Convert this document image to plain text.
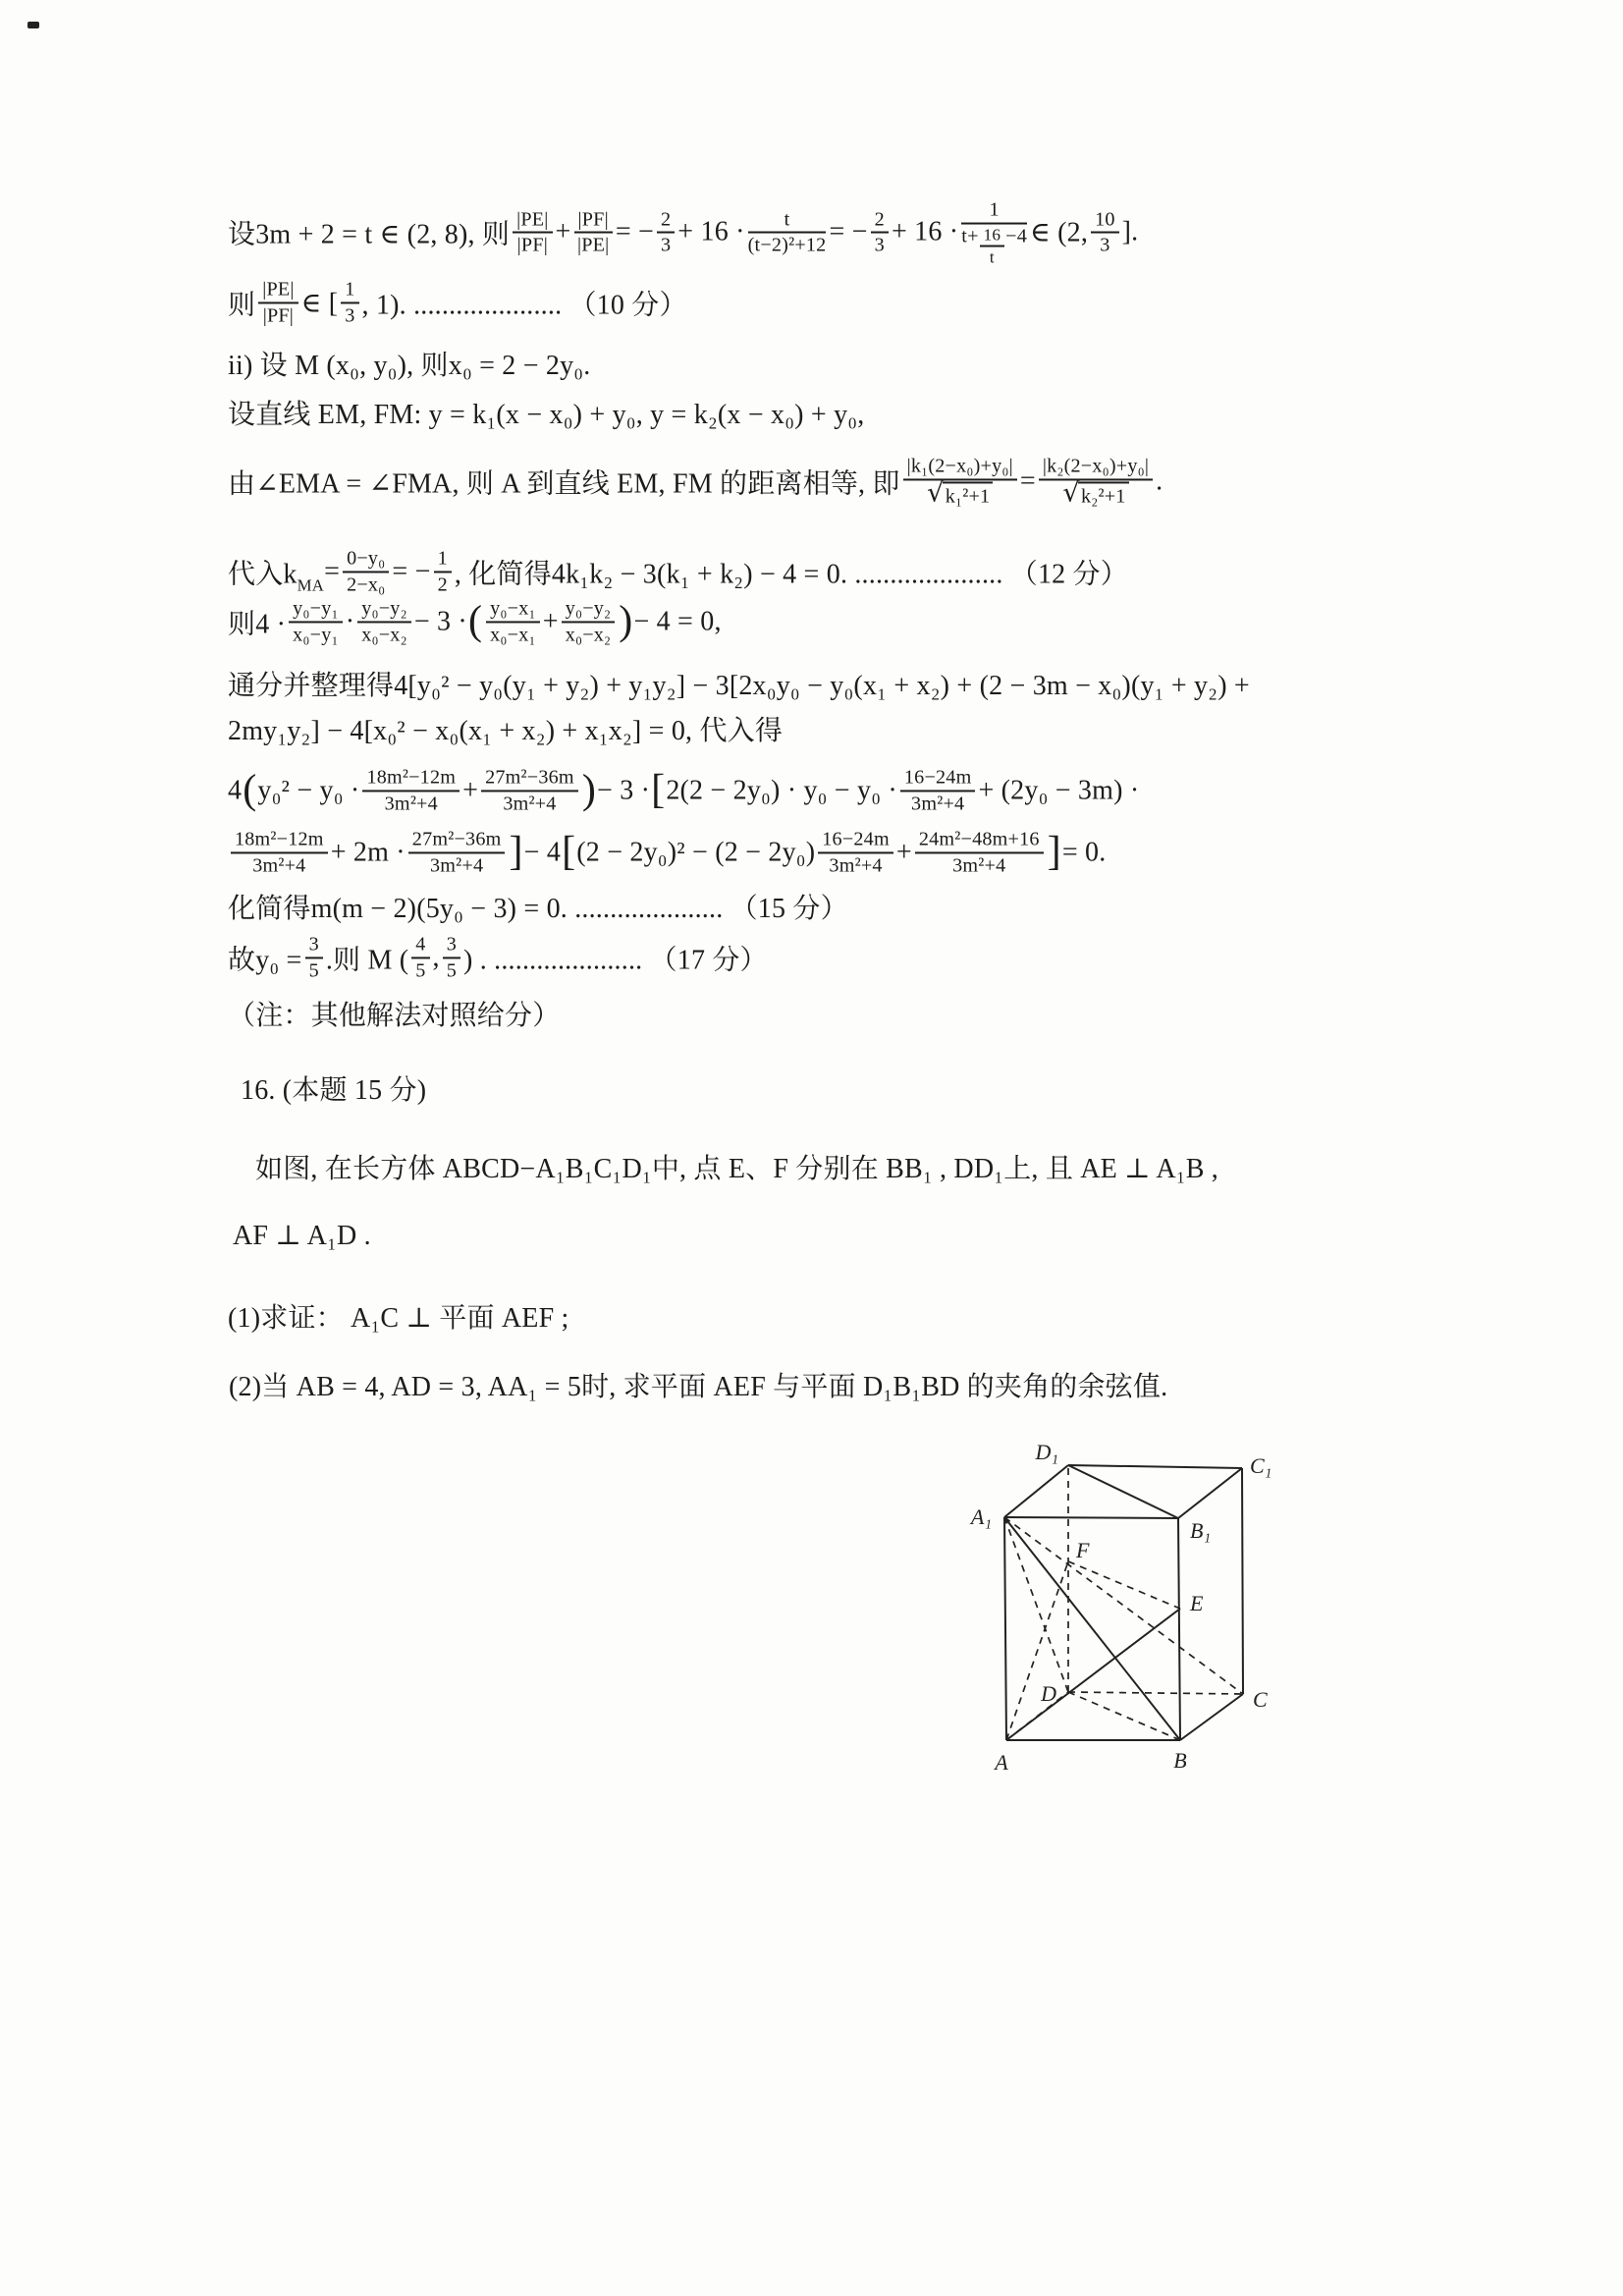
设3m + 2 = t ∈ (2, 8), 则 $\frac{|PE|}{|PF|} + \frac{|PF|}{|PE|}$ = − $\frac{2}{3} + 16 \cdot \frac{t}{\text{(t−2)²+12}}$ = − $\frac{2}{3} + 16 \cdot \frac{1}{t+ \frac{16}{t} -4}$ ∈ (2, $\frac{10}{3}$ ].
则 $\frac{|PE|}{|PF|}$ ∈ [ $\frac{1}{3}$ , 1). ..................... （10 分）
ii) 设 M (x₀, y₀), 则x₀ = 2 − 2y₀.
设直线 EM, FM: y = k₁(x − x₀) + y₀, y = k₂(x − x₀) + y₀,
由∠EMA = ∠FMA, 则 A 到直线 EM, FM 的距离相等, 即 $\frac{\text{|k₁(2−x₀)+y₀|}}{\text{√ k₁²+1}} = \frac{\text{|k₂(2−x₀)+y₀|}}{\text{√ k₂²+1}}$ .
代入k MA = $\frac{\text{0−y₀}}{\text{2−x₀}}$ = − $\frac{1}{2}$ , 化简得4k₁k₂ − 3(k₁ + k₂) − 4 = 0. ..................... （12 分）
则$4 \cdot \frac{\text{y₀−y₁}}{\text{x₀−y₁}} \cdot \frac{\text{y₀−y₂}}{\text{x₀−x₂}} - 3$ · ( $\frac{\text{y₀−x₁}}{\text{x₀−x₁}} + \frac{\text{y₀−y₂}}{\text{x₀−x₂}}$ ) − 4 = 0,
通分并整理得4[y₀² − y₀(y₁ + y₂) + y₁y₂] − 3[2x₀y₀ − y₀(x₁ + x₂) + (2 − 3m − x₀)(y₁ + y₂) +
2my₁y₂] − 4[x₀² − x₀(x₁ + x₂) + x₁x₂] = 0, 代入得
4 ( $y_0^2 - y_0 \cdot \frac{\text{18m²−12m}}{\text{3m²+4}} + \frac{\text{27m²−36m}}{\text{3m²+4}}$ ) − 3 · [ $2(2 - 2y_0) \cdot y_0 - y_0 \cdot \frac{16-24m}{\text{3m²+4}} + (2y_0 - 3m)$ ·
$\frac{\text{18m²−12m}}{\text{3m²+4}} + 2m \cdot \frac{\text{27m²−36m}}{\text{3m²+4}}$ ] − 4 [ $(2 - 2y_0)^2 - (2 - 2y_0) \frac{16-24m}{\text{3m²+4}} + \frac{\text{24m²−48m+16}}{\text{3m²+4}}$ ] = 0.
化简得m(m − 2)(5y₀ − 3) = 0. ..................... （15 分）
故$y_0 = \frac{3}{5}$ .则 M ( $\frac{4}{5}$ , $\frac{3}{5}$ ) . ..................... （17 分）
（注：其他解法对照给分）
16. (本题 15 分)
如图, 在长方体 ABCD−A₁B₁C₁D₁中, 点 E、F 分别在 BB₁ , DD₁上, 且 AE ⊥ A₁B ,
AF ⊥ A₁D .
(1)求证： A₁C ⊥ 平面 AEF ;
(2)当 AB = 4, AD = 3, AA₁ = 5时, 求平面 AEF 与平面 D₁B₁BD 的夹角的余弦值.
D₁
C₁
A₁
B₁
F
E
D	C
A	B
